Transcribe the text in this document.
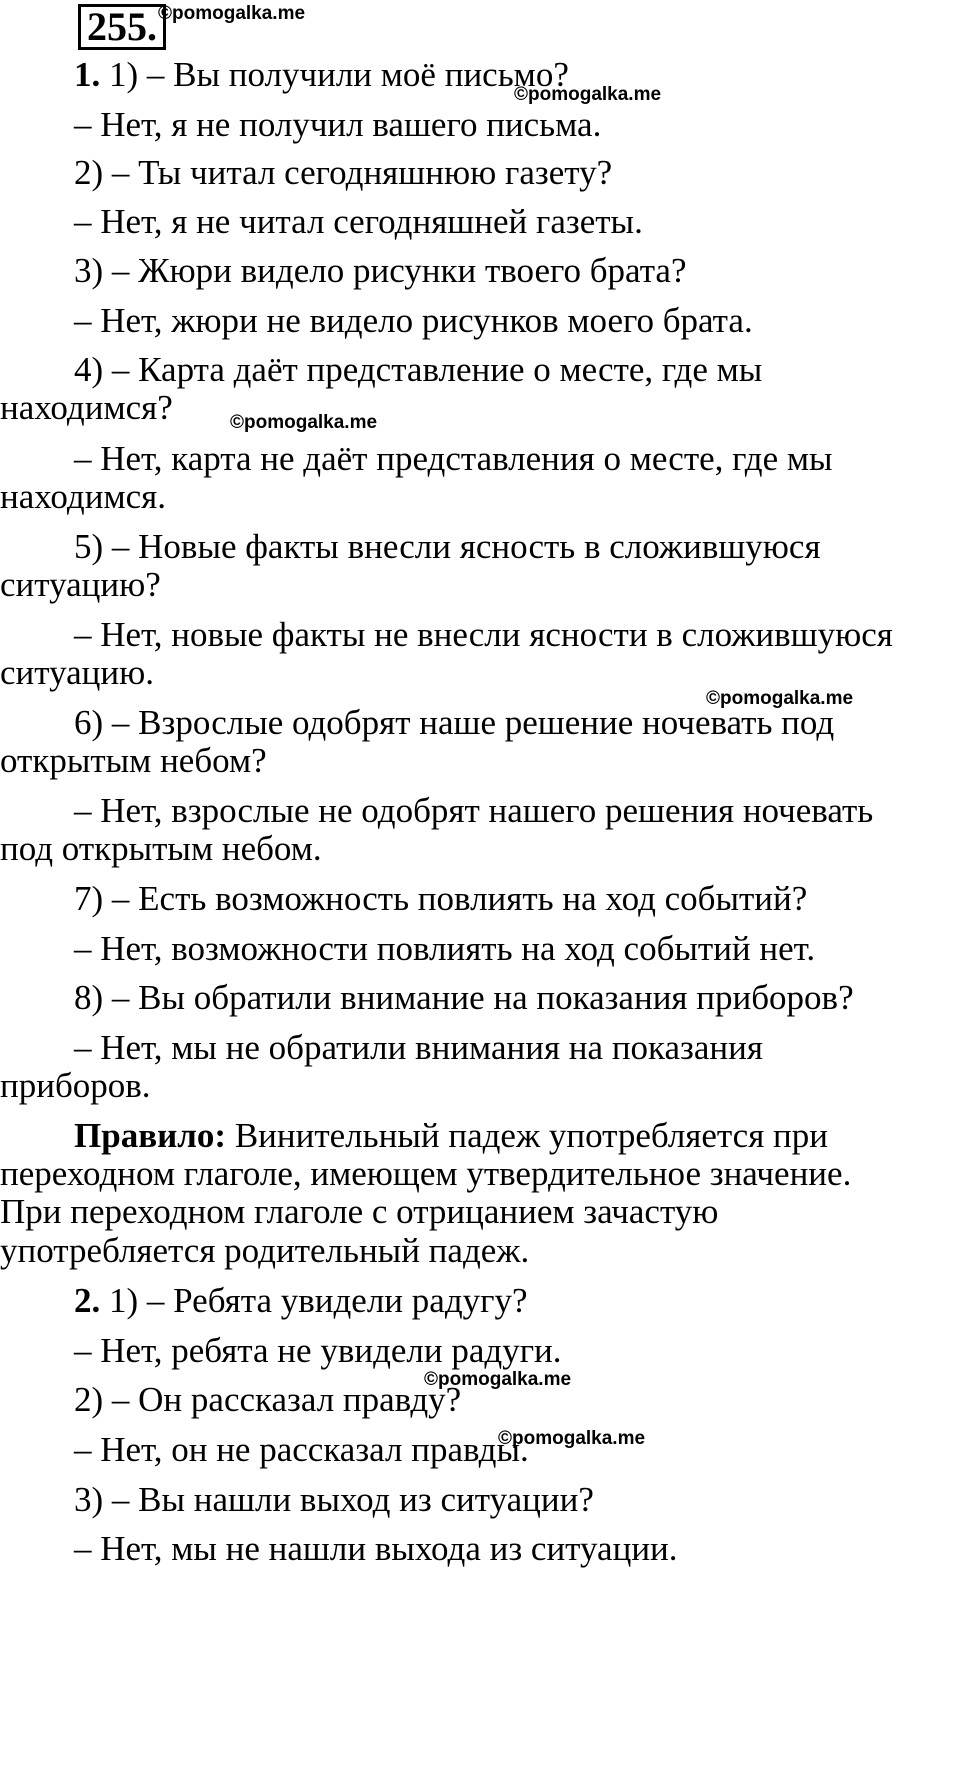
255. ©pomogalka.me
©pomogalka.me
©pomogalka.me
©pomogalka.me
©pomogalka.me
©pomogalka.me
1. 1) – Вы получили моё письмо?
– Нет, я не получил вашего письма.
2) – Ты читал сегодняшнюю газету?
– Нет, я не читал сегодняшней газеты.
3) – Жюри видело рисунки твоего брата?
– Нет, жюри не видело рисунков моего брата.
4) – Карта даёт представление о месте, где мы
находимся?
– Нет, карта не даёт представления о месте, где мы
находимся.
5) – Новые факты внесли ясность в сложившуюся
ситуацию?
– Нет, новые факты не внесли ясности в сложившуюся
ситуацию.
6) – Взрослые одобрят наше решение ночевать под
открытым небом?
– Нет, взрослые не одобрят нашего решения ночевать
под открытым небом.
7) – Есть возможность повлиять на ход событий?
– Нет, возможности повлиять на ход событий нет.
8) – Вы обратили внимание на показания приборов?
– Нет, мы не обратили внимания на показания
приборов.
Правило: Винительный падеж употребляется при
переходном глаголе, имеющем утвердительное значение.
При переходном глаголе с отрицанием зачастую
употребляется родительный падеж.
2. 1) – Ребята увидели радугу?
– Нет, ребята не увидели радуги.
2) – Он рассказал правду?
– Нет, он не рассказал правды.
3) – Вы нашли выход из ситуации?
– Нет, мы не нашли выхода из ситуации.
